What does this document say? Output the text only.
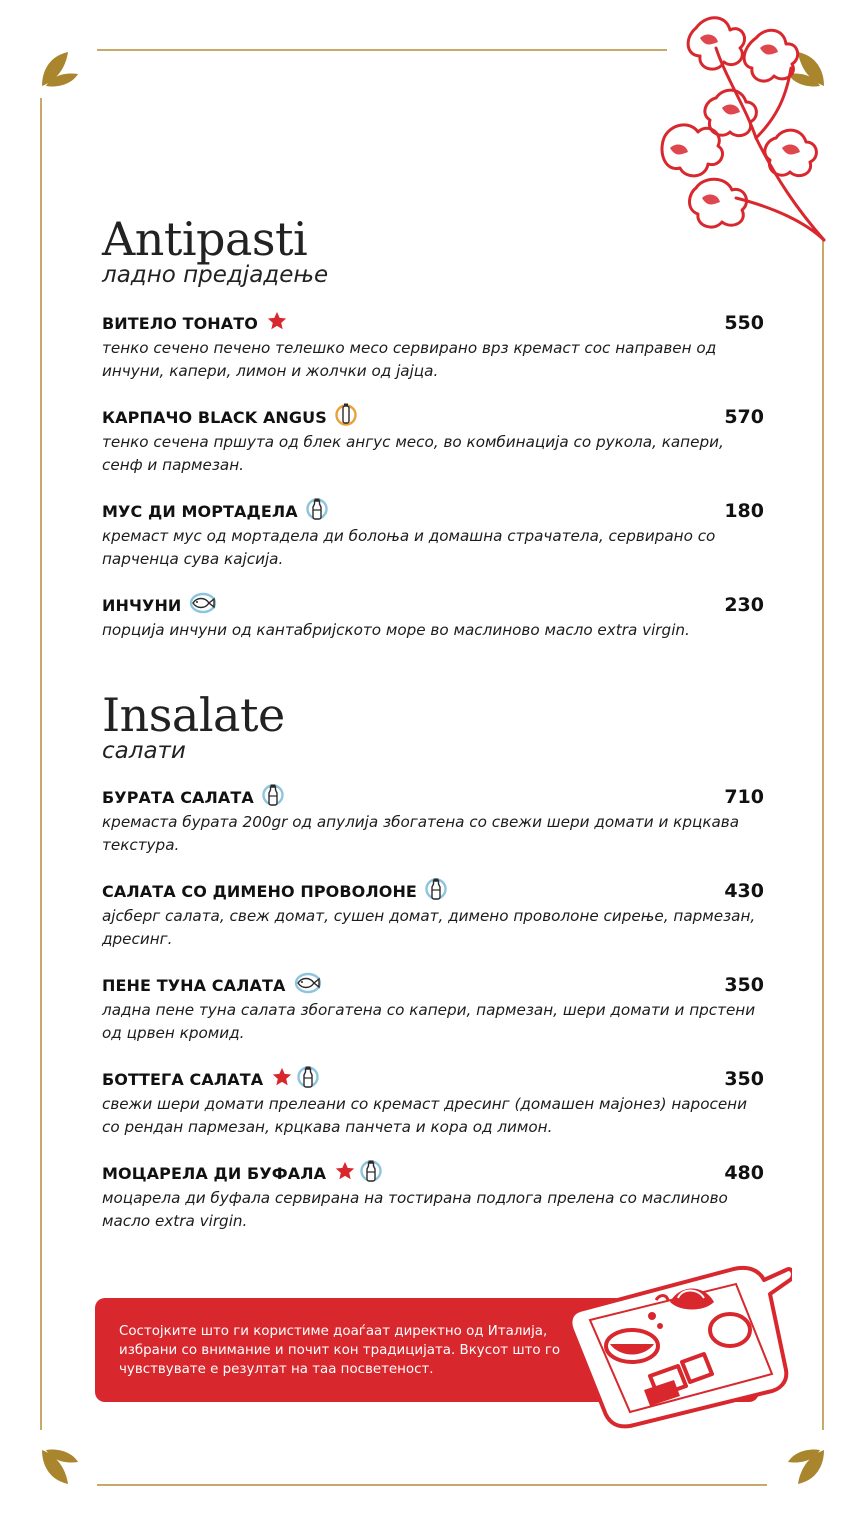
Antipasti
ладно предјадење
ВИТЕЛО ТОНАТО	550
тенко сечено печено телешко месо сервирано врз кремаст сос направен од инчуни, капери, лимон и жолчки од јајца.
КАРПАЧО BLACK ANGUS	570
тенко сечена пршута од блек ангус месо, во комбинација со рукола, капери, сенф и пармезан.
МУС ДИ МОРТАДЕЛА	180
кремаст мус од мортадела ди болоња и домашна страчатела, сервирано со парченца сува кајсија.
ИНЧУНИ	230
порција инчуни од кантабријското море во маслиново масло extra virgin.
Insalate
салати
БУРАТА САЛАТА	710
кремаста бурата 200gr од апулија збогатена со свежи шери домати и крцкава текстура.
САЛАТА СО ДИМЕНО ПРОВОЛОНЕ	430
ајсберг салата, свеж домат, сушен домат, димено проволоне сирење, пармезан, дресинг.
ПЕНЕ ТУНА САЛАТА	350
ладна пене туна салата збогатена со капери, пармезан, шери домати и прстени од црвен кромид.
БОТТЕГА САЛАТА	350
свежи шери домати прелеани со кремаст дресинг (домашен мајонез) наросени со рендан пармезан, крцкава панчета и кора од лимон.
МОЦАРЕЛА ДИ БУФАЛА	480
моцарела ди буфала сервирана на тостирана подлога прелена со маслиново масло extra virgin.
Состојките што ги користиме доаѓаат директно од Италија, избрани со внимание и почит кон традицијата. Вкусот што го чувствувате е резултат на таа посветеност.
